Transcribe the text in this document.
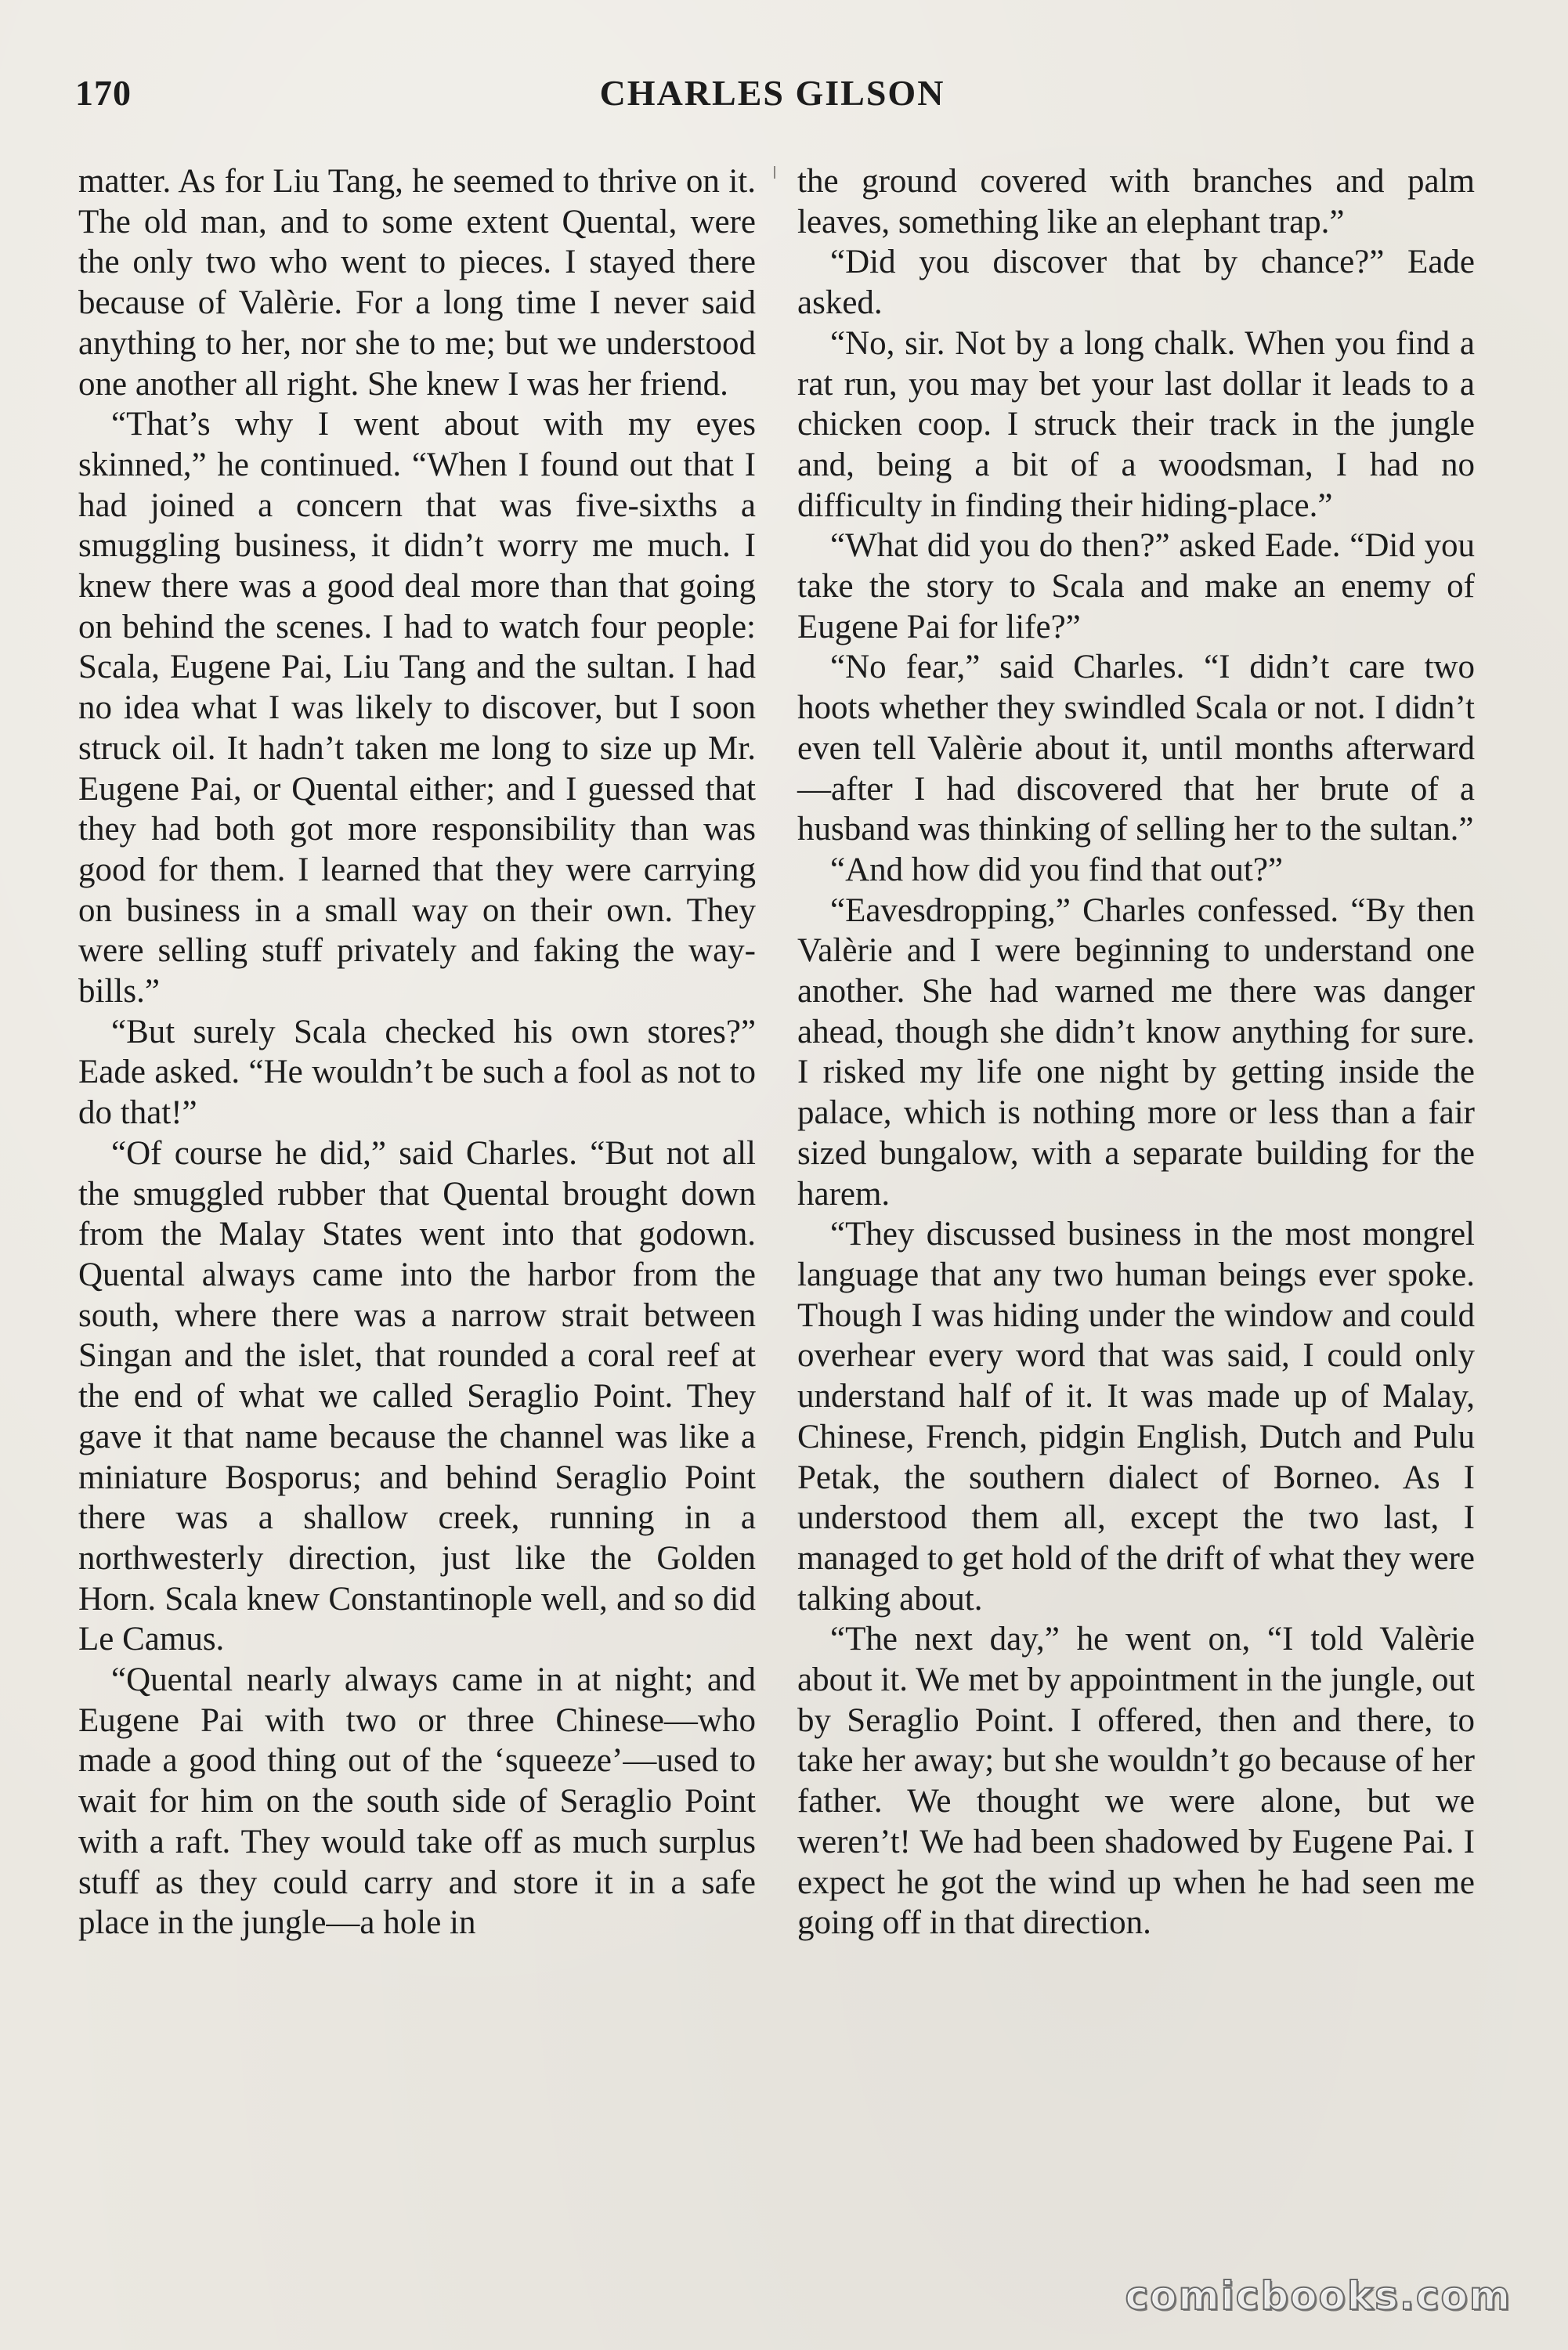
170	CHARLES GILSON

matter. As for Liu Tang, he seemed to thrive on it. The old man, and to some extent Quental, were the only two who went to pieces. I stayed there because of Valèrie. For a long time I never said anything to her, nor she to me; but we understood one another all right. She knew I was her friend.

“That’s why I went about with my eyes skinned,” he continued. “When I found out that I had joined a concern that was five-sixths a smuggling business, it didn’t worry me much. I knew there was a good deal more than that going on behind the scenes. I had to watch four people: Scala, Eugene Pai, Liu Tang and the sultan. I had no idea what I was likely to discover, but I soon struck oil. It hadn’t taken me long to size up Mr. Eugene Pai, or Quental either; and I guessed that they had both got more responsibility than was good for them. I learned that they were carrying on business in a small way on their own. They were selling stuff privately and faking the way-bills.”

“But surely Scala checked his own stores?” Eade asked. “He wouldn’t be such a fool as not to do that!”

“Of course he did,” said Charles. “But not all the smuggled rubber that Quental brought down from the Malay States went into that godown. Quental always came into the harbor from the south, where there was a narrow strait between Singan and the islet, that rounded a coral reef at the end of what we called Seraglio Point. They gave it that name because the channel was like a miniature Bosporus; and behind Seraglio Point there was a shallow creek, running in a northwesterly direction, just like the Golden Horn. Scala knew Constantinople well, and so did Le Camus.

“Quental nearly always came in at night; and Eugene Pai with two or three Chinese—who made a good thing out of the ‘squeeze’—used to wait for him on the south side of Seraglio Point with a raft. They would take off as much surplus stuff as they could carry and store it in a safe place in the jungle—a hole in

the ground covered with branches and palm leaves, something like an elephant trap.”

“Did you discover that by chance?” Eade asked.

“No, sir. Not by a long chalk. When you find a rat run, you may bet your last dollar it leads to a chicken coop. I struck their track in the jungle and, being a bit of a woodsman, I had no difficulty in finding their hiding-place.”

“What did you do then?” asked Eade. “Did you take the story to Scala and make an enemy of Eugene Pai for life?”

“No fear,” said Charles. “I didn’t care two hoots whether they swindled Scala or not. I didn’t even tell Valèrie about it, until months afterward—after I had discovered that her brute of a husband was thinking of selling her to the sultan.”

“And how did you find that out?”

“Eavesdropping,” Charles confessed. “By then Valèrie and I were beginning to understand one another. She had warned me there was danger ahead, though she didn’t know anything for sure. I risked my life one night by getting inside the palace, which is nothing more or less than a fair sized bungalow, with a separate building for the harem.

“They discussed business in the most mongrel language that any two human beings ever spoke. Though I was hiding under the window and could overhear every word that was said, I could only understand half of it. It was made up of Malay, Chinese, French, pidgin English, Dutch and Pulu Petak, the southern dialect of Borneo. As I understood them all, except the two last, I managed to get hold of the drift of what they were talking about.

“The next day,” he went on, “I told Valèrie about it. We met by appointment in the jungle, out by Seraglio Point. I offered, then and there, to take her away; but she wouldn’t go because of her father. We thought we were alone, but we weren’t! We had been shadowed by Eugene Pai. I expect he got the wind up when he had seen me going off in that direction.

comicbooks.com
